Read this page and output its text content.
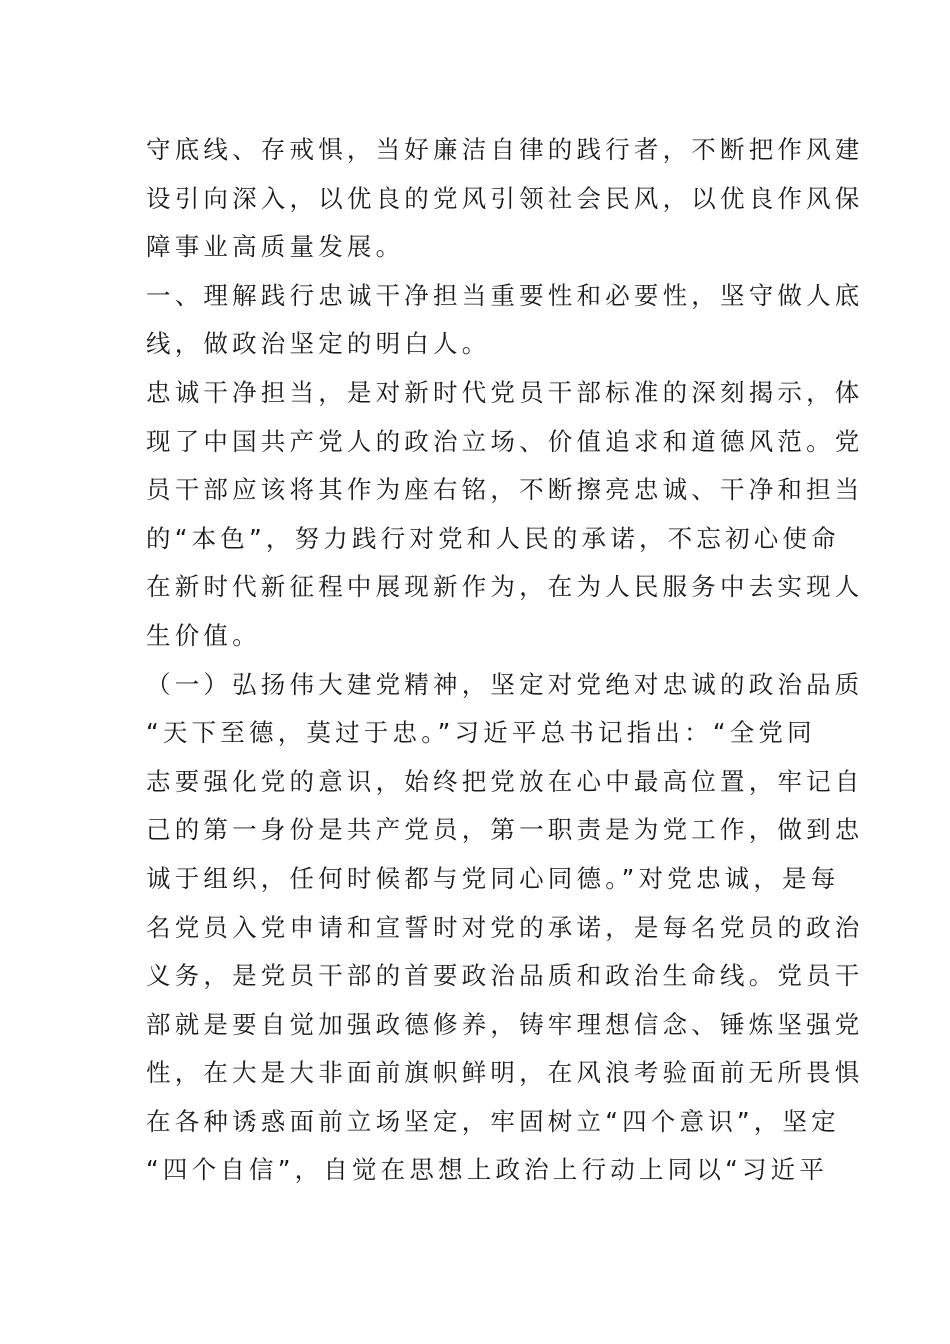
守底线、存戒惧，当好廉洁自律的践行者，不断把作风建
设引向深入，以优良的党风引领社会民风，以优良作风保
障事业高质量发展。
一、理解践行忠诚干净担当重要性和必要性，坚守做人底
线，做政治坚定的明白人。
忠诚干净担当，是对新时代党员干部标准的深刻揭示，体
现了中国共产党人的政治立场、价值追求和道德风范。党
员干部应该将其作为座右铭，不断擦亮忠诚、干净和担当
的“本色”，努力践行对党和人民的承诺，不忘初心使命
在新时代新征程中展现新作为，在为人民服务中去实现人
生价值。
（一）弘扬伟大建党精神，坚定对党绝对忠诚的政治品质
“天下至德，莫过于忠。”习近平总书记指出：“全党同
志要强化党的意识，始终把党放在心中最高位置，牢记自
己的第一身份是共产党员，第一职责是为党工作，做到忠
诚于组织，任何时候都与党同心同德。”对党忠诚，是每
名党员入党申请和宣誓时对党的承诺，是每名党员的政治
义务，是党员干部的首要政治品质和政治生命线。党员干
部就是要自觉加强政德修养，铸牢理想信念、锤炼坚强党
性，在大是大非面前旗帜鲜明，在风浪考验面前无所畏惧
在各种诱惑面前立场坚定，牢固树立“四个意识”，坚定
“四个自信”，自觉在思想上政治上行动上同以“习近平
